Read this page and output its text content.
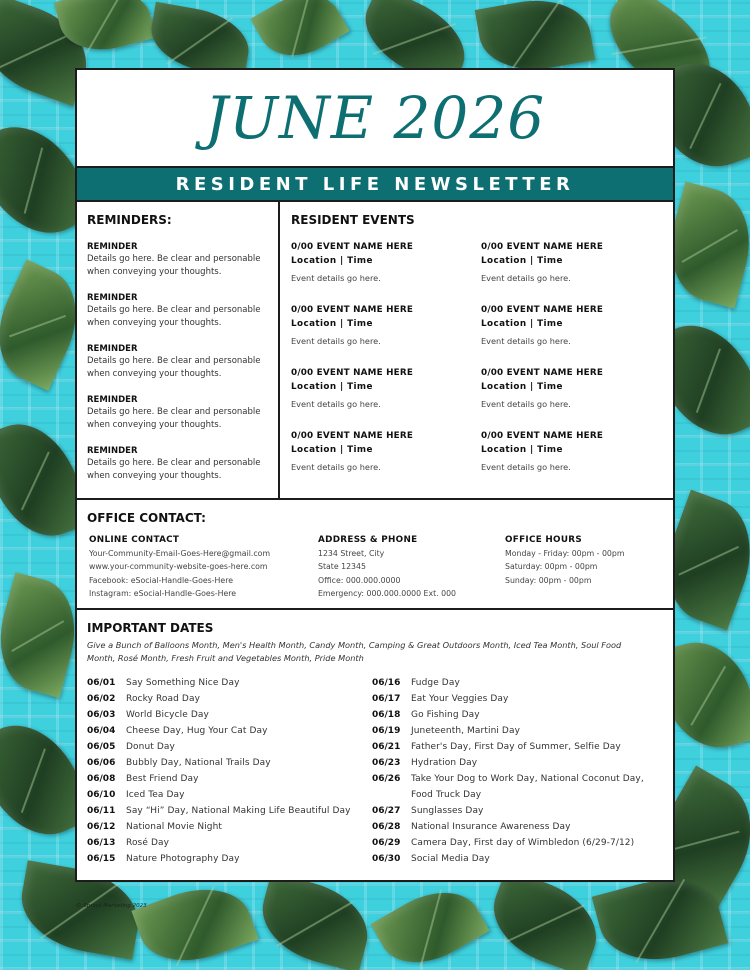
JUNE 2026
RESIDENT LIFE NEWSLETTER
REMINDERS:
REMINDER
Details go here. Be clear and personable when conveying your thoughts.
REMINDER
Details go here. Be clear and personable when conveying your thoughts.
REMINDER
Details go here. Be clear and personable when conveying your thoughts.
REMINDER
Details go here. Be clear and personable when conveying your thoughts.
REMINDER
Details go here. Be clear and personable when conveying your thoughts.
RESIDENT EVENTS
0/00 EVENT NAME HERE
Location | Time
Event details go here.
0/00 EVENT NAME HERE
Location | Time
Event details go here.
0/00 EVENT NAME HERE
Location | Time
Event details go here.
0/00 EVENT NAME HERE
Location | Time
Event details go here.
0/00 EVENT NAME HERE
Location | Time
Event details go here.
0/00 EVENT NAME HERE
Location | Time
Event details go here.
0/00 EVENT NAME HERE
Location | Time
Event details go here.
0/00 EVENT NAME HERE
Location | Time
Event details go here.
OFFICE CONTACT:
ONLINE CONTACT
Your-Community-Email-Goes-Here@gmail.com
www.your-community-website-goes-here.com
Facebook: eSocial-Handle-Goes-Here
Instagram: eSocial-Handle-Goes-Here
ADDRESS & PHONE
1234 Street, City
State 12345
Office: 000.000.0000
Emergency: 000.000.0000 Ext. 000
OFFICE HOURS
Monday - Friday: 00pm - 00pm
Saturday: 00pm - 00pm
Sunday: 00pm - 00pm
IMPORTANT DATES
Give a Bunch of Balloons Month, Men's Health Month, Candy Month, Camping & Great Outdoors Month, Iced Tea Month, Soul Food Month, Rosé Month, Fresh Fruit and Vegetables Month, Pride Month
06/01	Say Something Nice Day
06/02	Rocky Road Day
06/03	World Bicycle Day
06/04	Cheese Day, Hug Your Cat Day
06/05	Donut Day
06/06	Bubbly Day, National Trails Day
06/08	Best Friend Day
06/10	Iced Tea Day
06/11	Say “Hi” Day, National Making Life Beautiful Day
06/12	National Movie Night
06/13	Rosé Day
06/15	Nature Photography Day
06/16	Fudge Day
06/17	Eat Your Veggies Day
06/18	Go Fishing Day
06/19	Juneteenth, Martini Day
06/21	Father's Day, First Day of Summer, Selfie Day
06/23	Hydration Day
06/26	Take Your Dog to Work Day, National Coconut Day, Food Truck Day
06/27	Sunglasses Day
06/28	National Insurance Awareness Day
06/29	Camera Day, First day of Wimbledon (6/29-7/12)
06/30	Social Media Day
© Sprout Marketing 2023
